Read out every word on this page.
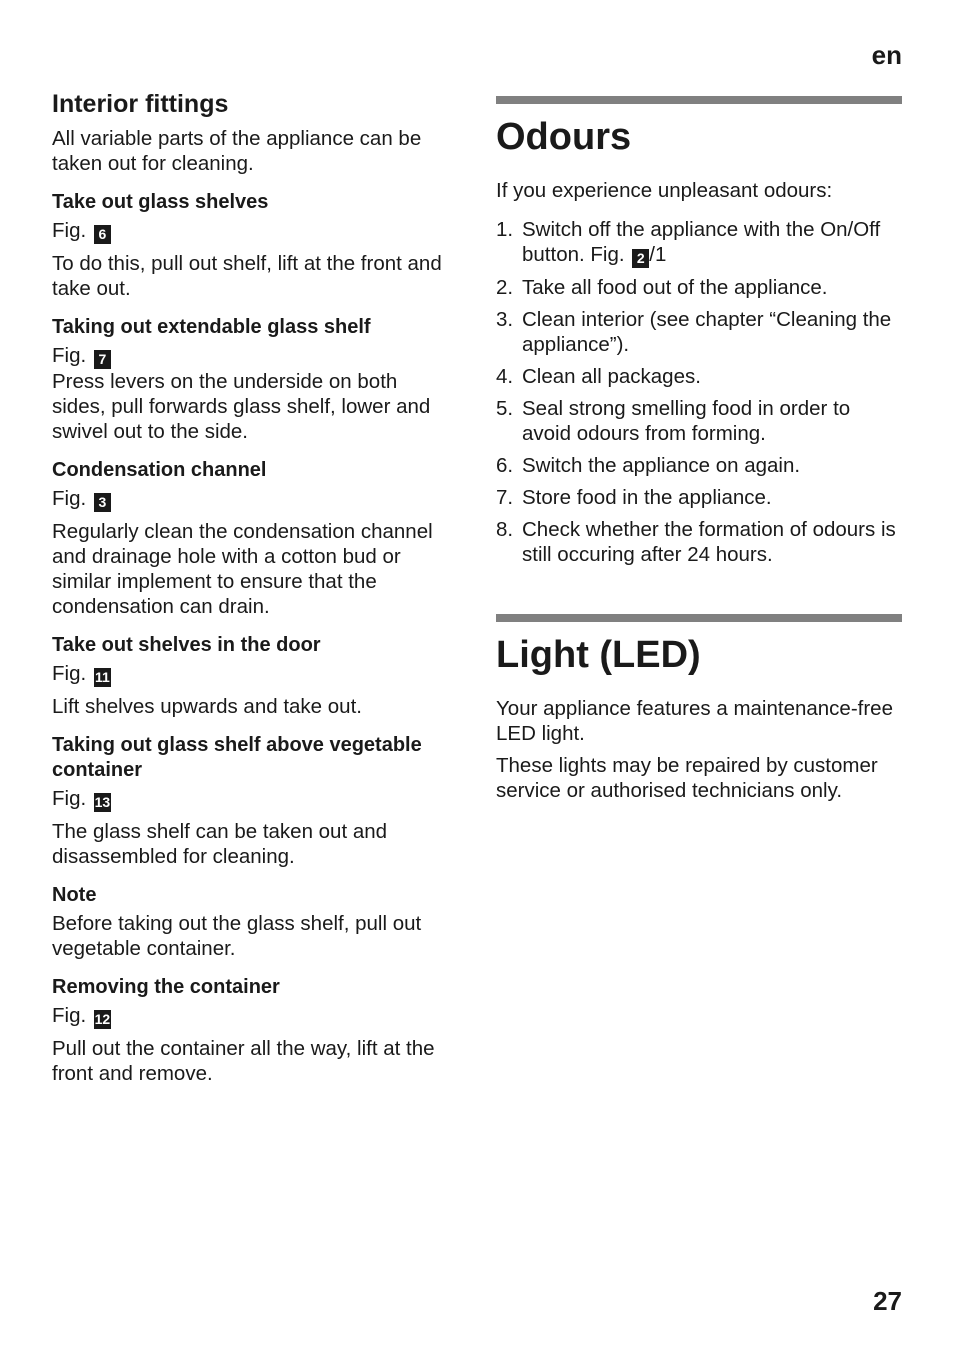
en
Interior fittings

All variable parts of the appliance can be taken out for cleaning.

Take out glass shelves

Fig. 6

To do this, pull out shelf, lift at the front and take out.

Taking out extendable glass shelf

Fig. 7

Press levers on the underside on both sides, pull forwards glass shelf, lower and swivel out to the side.

Condensation channel

Fig. 3

Regularly clean the condensation channel and drainage hole with a cotton bud or similar implement to ensure that the condensation can drain.

Take out shelves in the door

Fig. 11

Lift shelves upwards and take out.

Taking out glass shelf above vegetable container

Fig. 13

The glass shelf can be taken out and disassembled for cleaning.

Note

Before taking out the glass shelf, pull out vegetable container.

Removing the container

Fig. 12

Pull out the container all the way, lift at the front and remove.

Odours

If you experience unpleasant odours:

1. Switch off the appliance with the On/Off button. Fig. 2 /1
2. Take all food out of the appliance.
3. Clean interior (see chapter “Cleaning the appliance”).
4. Clean all packages.
5. Seal strong smelling food in order to avoid odours from forming.
6. Switch the appliance on again.
7. Store food in the appliance.
8. Check whether the formation of odours is still occuring after 24 hours.
Light (LED)

Your appliance features a maintenance-free LED light.

These lights may be repaired by customer service or authorised technicians only.

27
